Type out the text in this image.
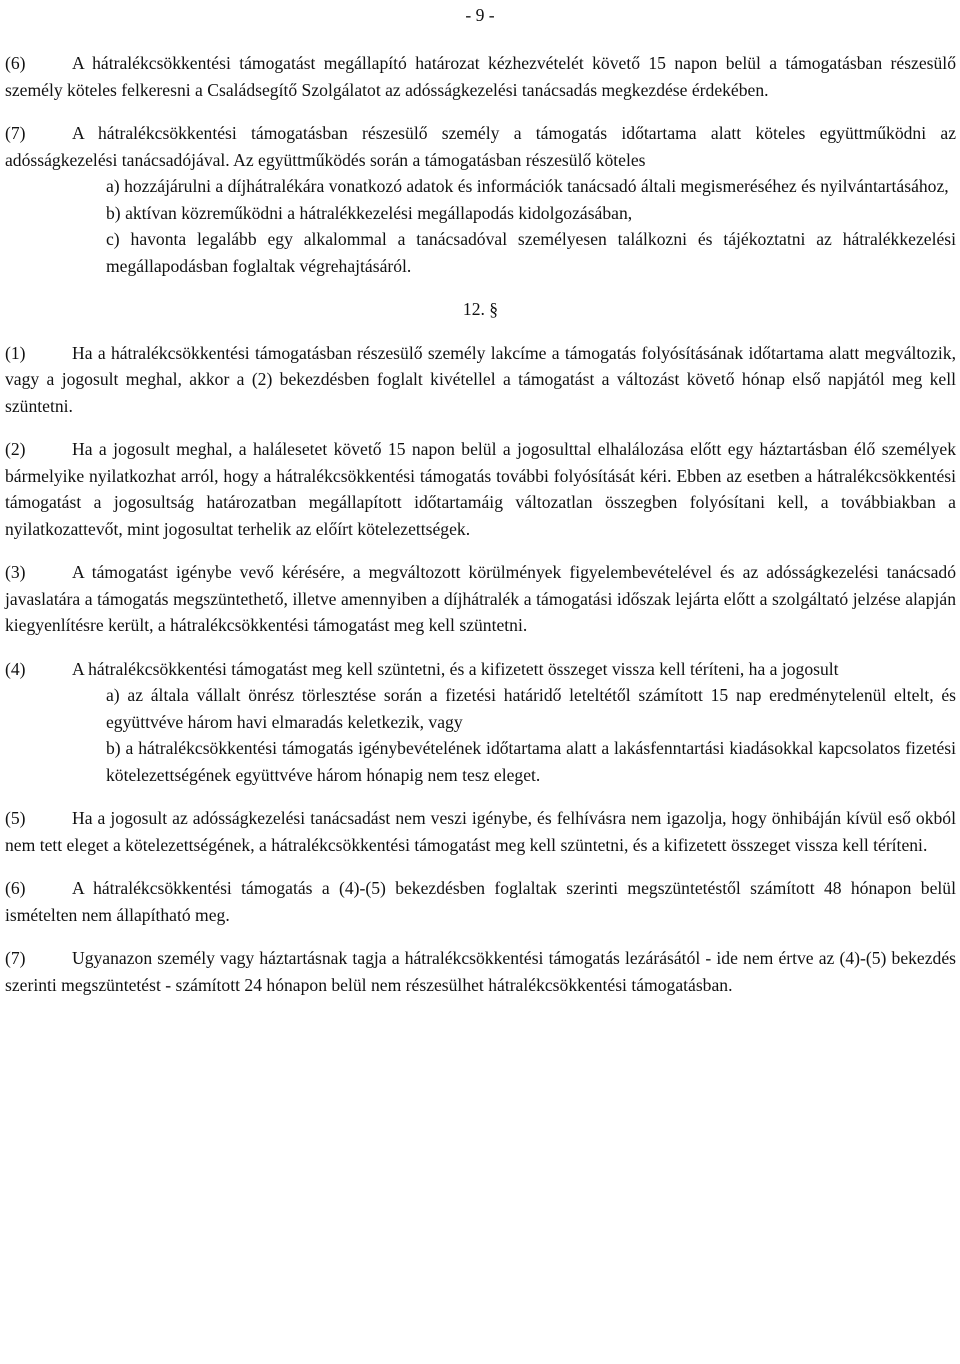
- 9 -

(6)	A hátralékcsökkentési támogatást megállapító határozat kézhezvételét követő 15 napon belül a támogatásban részesülő személy köteles felkeresni a Családsegítő Szolgálatot az adósságkezelési tanácsadás megkezdése érdekében.

(7)	A hátralékcsökkentési támogatásban részesülő személy a támogatás időtartama alatt köteles együttműködni az adósságkezelési tanácsadójával. Az együttműködés során a támogatásban részesülő köteles

a) hozzájárulni a díjhátralékára vonatkozó adatok és információk tanácsadó általi megismeréséhez és nyilvántartásához,
b) aktívan közreműködni a hátralékkezelési megállapodás kidolgozásában,
c) havonta legalább egy alkalommal a tanácsadóval személyesen találkozni és tájékoztatni az hátralékkezelési megállapodásban foglaltak végrehajtásáról.

12. §

(1)	Ha a hátralékcsökkentési támogatásban részesülő személy lakcíme a támogatás folyósításának időtartama alatt megváltozik, vagy a jogosult meghal, akkor a (2) bekezdésben foglalt kivétellel a támogatást a változást követő hónap első napjától meg kell szüntetni.

(2)	Ha a jogosult meghal, a halálesetet követő 15 napon belül a jogosulttal elhalálozása előtt egy háztartásban élő személyek bármelyike nyilatkozhat arról, hogy a hátralékcsökkentési támogatás további folyósítását kéri. Ebben az esetben a hátralékcsökkentési támogatást a jogosultság határozatban megállapított időtartamáig változatlan összegben folyósítani kell, a továbbiakban a nyilatkozattevőt, mint jogosultat terhelik az előírt kötelezettségek.

(3)	A támogatást igénybe vevő kérésére, a megváltozott körülmények figyelembevételével és az adósságkezelési tanácsadó javaslatára a támogatás megszüntethető, illetve amennyiben a díjhátralék a támogatási időszak lejárta előtt a szolgáltató jelzése alapján kiegyenlítésre került, a hátralékcsökkentési támogatást meg kell szüntetni.

(4)	A hátralékcsökkentési támogatást meg kell szüntetni, és a kifizetett összeget vissza kell téríteni, ha a jogosult

a) az általa vállalt önrész törlesztése során a fizetési határidő leteltétől számított 15 nap eredménytelenül eltelt, és együttvéve három havi elmaradás keletkezik, vagy
b) a hátralékcsökkentési támogatás igénybevételének időtartama alatt a lakásfenntartási kiadásokkal kapcsolatos fizetési kötelezettségének együttvéve három hónapig nem tesz eleget.

(5)	Ha a jogosult az adósságkezelési tanácsadást nem veszi igénybe, és felhívásra nem igazolja, hogy önhibáján kívül eső okból nem tett eleget a kötelezettségének, a hátralékcsökkentési támogatást meg kell szüntetni, és a kifizetett összeget vissza kell téríteni.

(6)	A hátralékcsökkentési támogatás a (4)-(5) bekezdésben foglaltak szerinti megszüntetéstől számított 48 hónapon belül ismételten nem állapítható meg.

(7)	Ugyanazon személy vagy háztartásnak tagja a hátralékcsökkentési támogatás lezárásától - ide nem értve az (4)-(5) bekezdés szerinti megszüntetést - számított 24 hónapon belül nem részesülhet hátralékcsökkentési támogatásban.
